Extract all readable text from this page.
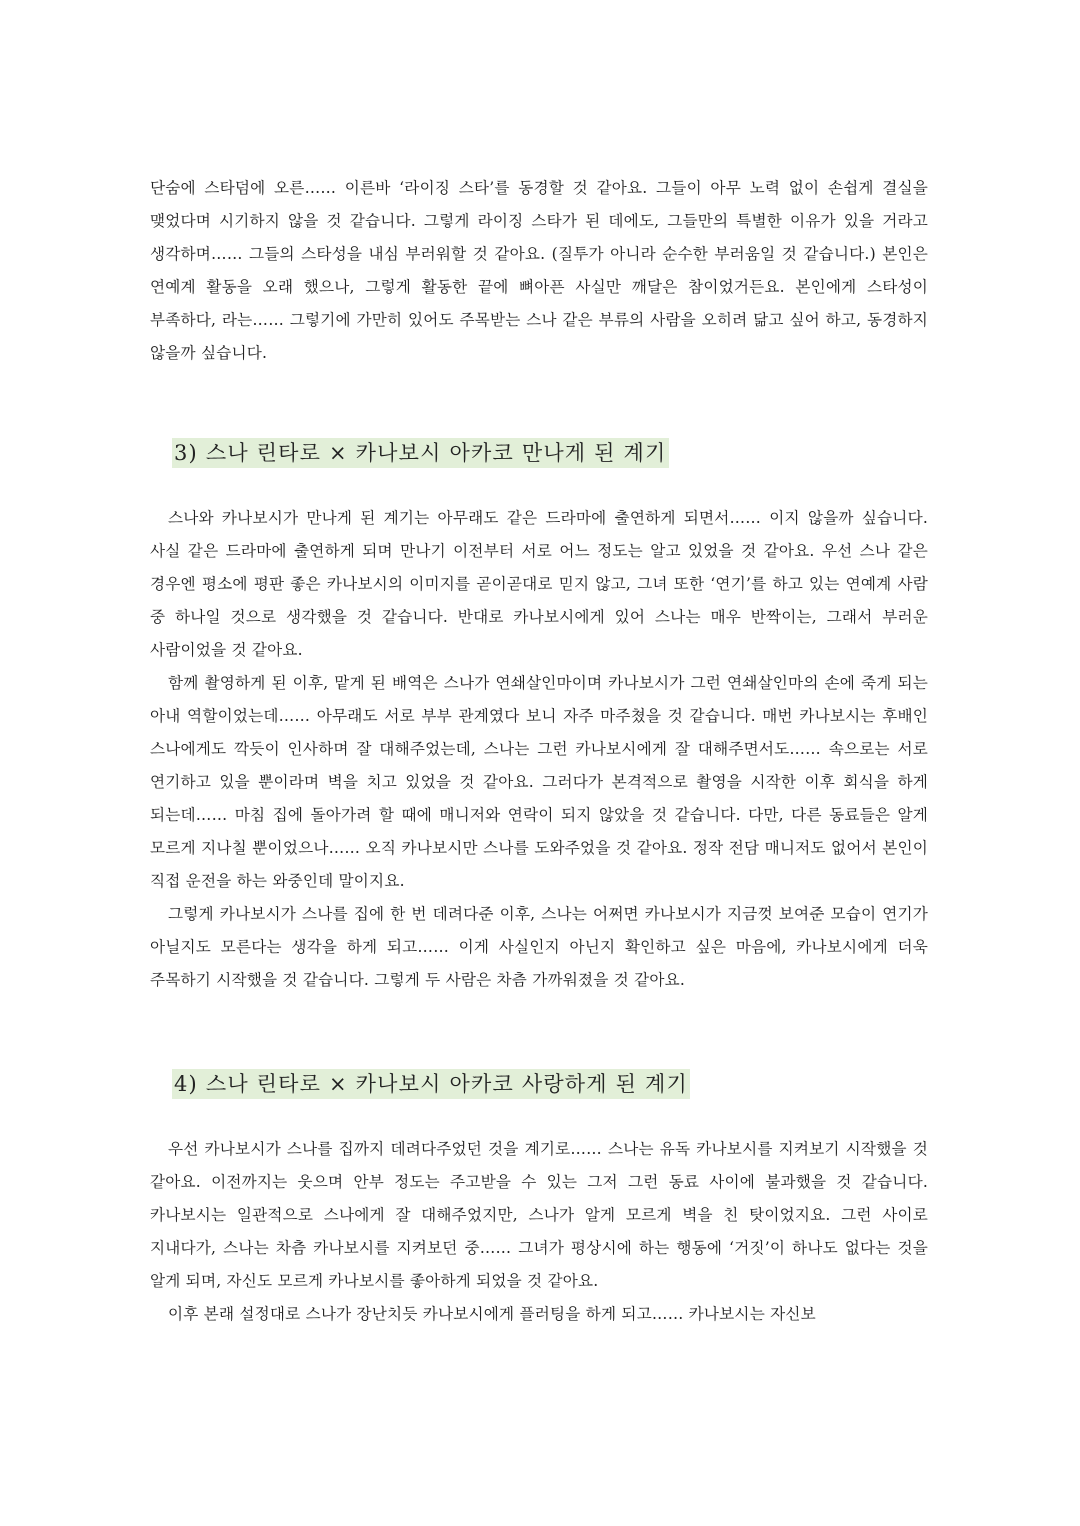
단숨에 스타덤에 오른…… 이른바 ‘라이징 스타’를 동경할 것 같아요. 그들이 아무 노력 없이 손쉽게 결실을 맺었다며 시기하지 않을 것 같습니다. 그렇게 라이징 스타가 된 데에도, 그들만의 특별한 이유가 있을 거라고 생각하며…… 그들의 스타성을 내심 부러워할 것 같아요. (질투가 아니라 순수한 부러움일 것 같습니다.) 본인은 연예계 활동을 오래 했으나, 그렇게 활동한 끝에 뼈아픈 사실만 깨달은 참이었거든요. 본인에게 스타성이 부족하다, 라는…… 그렇기에 가만히 있어도 주목받는 스나 같은 부류의 사람을 오히려 닮고 싶어 하고, 동경하지 않을까 싶습니다.

3) 스나 린타로 × 카나보시 아카코 만나게 된 계기

스나와 카나보시가 만나게 된 계기는 아무래도 같은 드라마에 출연하게 되면서…… 이지 않을까 싶습니다. 사실 같은 드라마에 출연하게 되며 만나기 이전부터 서로 어느 정도는 알고 있었을 것 같아요. 우선 스나 같은 경우엔 평소에 평판 좋은 카나보시의 이미지를 곧이곧대로 믿지 않고, 그녀 또한 ‘연기’를 하고 있는 연예계 사람 중 하나일 것으로 생각했을 것 같습니다. 반대로 카나보시에게 있어 스나는 매우 반짝이는, 그래서 부러운 사람이었을 것 같아요.

함께 촬영하게 된 이후, 맡게 된 배역은 스나가 연쇄살인마이며 카나보시가 그런 연쇄살인마의 손에 죽게 되는 아내 역할이었는데…… 아무래도 서로 부부 관계였다 보니 자주 마주쳤을 것 같습니다. 매번 카나보시는 후배인 스나에게도 깍듯이 인사하며 잘 대해주었는데, 스나는 그런 카나보시에게 잘 대해주면서도…… 속으로는 서로 연기하고 있을 뿐이라며 벽을 치고 있었을 것 같아요. 그러다가 본격적으로 촬영을 시작한 이후 회식을 하게 되는데…… 마침 집에 돌아가려 할 때에 매니저와 연락이 되지 않았을 것 같습니다. 다만, 다른 동료들은 알게 모르게 지나칠 뿐이었으나…… 오직 카나보시만 스나를 도와주었을 것 같아요. 정작 전담 매니저도 없어서 본인이 직접 운전을 하는 와중인데 말이지요.

그렇게 카나보시가 스나를 집에 한 번 데려다준 이후, 스나는 어쩌면 카나보시가 지금껏 보여준 모습이 연기가 아닐지도 모른다는 생각을 하게 되고…… 이게 사실인지 아닌지 확인하고 싶은 마음에, 카나보시에게 더욱 주목하기 시작했을 것 같습니다. 그렇게 두 사람은 차츰 가까워졌을 것 같아요.

4) 스나 린타로 × 카나보시 아카코 사랑하게 된 계기

우선 카나보시가 스나를 집까지 데려다주었던 것을 계기로…… 스나는 유독 카나보시를 지켜보기 시작했을 것 같아요. 이전까지는 웃으며 안부 정도는 주고받을 수 있는 그저 그런 동료 사이에 불과했을 것 같습니다. 카나보시는 일관적으로 스나에게 잘 대해주었지만, 스나가 알게 모르게 벽을 친 탓이었지요. 그런 사이로 지내다가, 스나는 차츰 카나보시를 지켜보던 중…… 그녀가 평상시에 하는 행동에 ‘거짓’이 하나도 없다는 것을 알게 되며, 자신도 모르게 카나보시를 좋아하게 되었을 것 같아요.

이후 본래 설정대로 스나가 장난치듯 카나보시에게 플러팅을 하게 되고…… 카나보시는 자신보
